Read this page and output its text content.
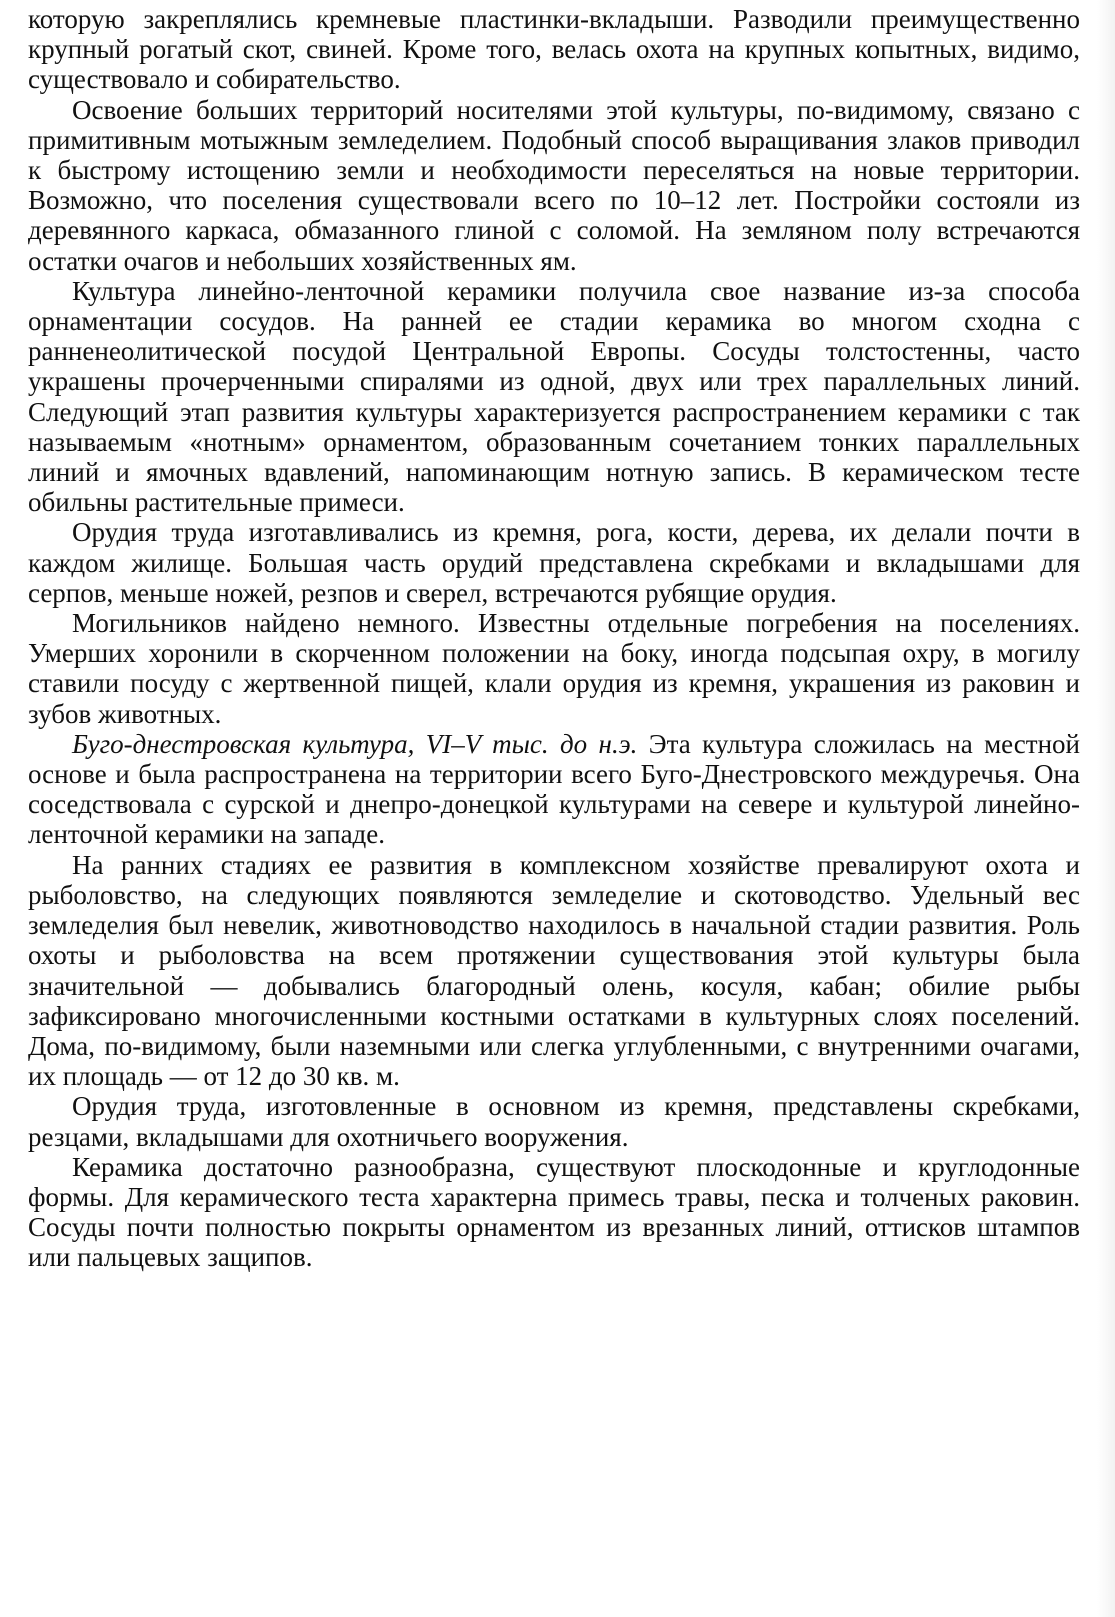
которую закреплялись кремневые пластинки-вкладыши. Разводили преимущественно крупный рогатый скот, свиней. Кроме того, велась охота на крупных копытных, видимо, существовало и собирательство.

Освоение больших территорий носителями этой культуры, по-видимому, связано с примитивным мотыжным земледелием. Подобный способ выращивания злаков приводил к быстрому истощению земли и необходимости переселяться на новые территории. Возможно, что поселения существовали всего по 10–12 лет. Постройки состояли из деревянного каркаса, обмазанного глиной с соломой. На земляном полу встречаются остатки очагов и небольших хозяйственных ям.

Культура линейно-ленточной керамики получила свое название из-за способа орнаментации сосудов. На ранней ее стадии керамика во многом сходна с ранненеолитической посудой Центральной Европы. Сосуды толстостенны, часто украшены прочерченными спиралями из одной, двух или трех параллельных линий. Следующий этап развития культуры характеризуется распространением керамики с так называемым «нотным» орнаментом, образованным сочетанием тонких параллельных линий и ямочных вдавлений, напоминающим нотную запись. В керамическом тесте обильны растительные примеси.

Орудия труда изготавливались из кремня, рога, кости, дерева, их делали почти в каждом жилище. Большая часть орудий представлена скребками и вкладышами для серпов, меньше ножей, резпов и сверел, встречаются рубящие орудия.

Могильников найдено немного. Известны отдельные погребения на поселениях. Умерших хоронили в скорченном положении на боку, иногда подсыпая охру, в могилу ставили посуду с жертвенной пищей, клали орудия из кремня, украшения из раковин и зубов животных.

Буго-днестровская культура, VI–V тыс. до н.э. Эта культура сложилась на местной основе и была распространена на территории всего Буго-Днестровского междуречья. Она соседствовала с сурской и днепро-донецкой культурами на севере и культурой линейно-ленточной керамики на западе.

На ранних стадиях ее развития в комплексном хозяйстве превалируют охота и рыболовство, на следующих появляются земледелие и скотоводство. Удельный вес земледелия был невелик, животноводство находилось в начальной стадии развития. Роль охоты и рыболовства на всем протяжении существования этой культуры была значительной — добывались благородный олень, косуля, кабан; обилие рыбы зафиксировано многочисленными костными остатками в культурных слоях поселений. Дома, по-видимому, были наземными или слегка углубленными, с внутренними очагами, их площадь — от 12 до 30 кв. м.

Орудия труда, изготовленные в основном из кремня, представлены скребками, резцами, вкладышами для охотничьего вооружения.

Керамика достаточно разнообразна, существуют плоскодонные и круглодонные формы. Для керамического теста характерна примесь травы, песка и толченых раковин. Сосуды почти полностью покрыты орнаментом из врезанных линий, оттисков штампов или пальцевых защипов.
